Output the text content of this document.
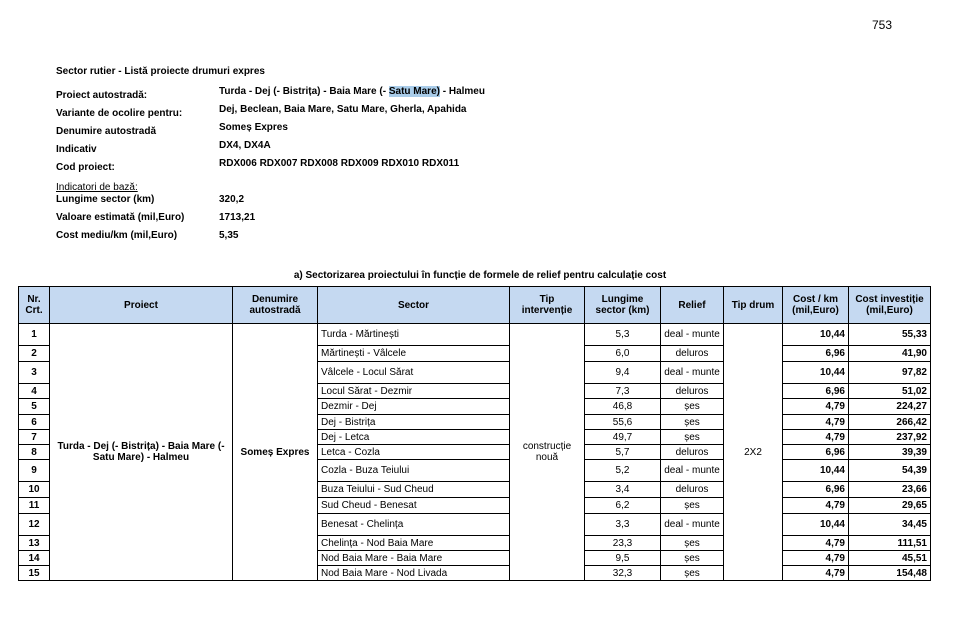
753
Sector rutier - Listă proiecte drumuri expres
Proiect autostradă:	Turda - Dej (- Bistrița) - Baia Mare (- Satu Mare) - Halmeu
Variante de ocolire pentru:	Dej, Beclean, Baia Mare, Satu Mare, Gherla, Apahida
Denumire autostradă	Someș Expres
Indicativ	DX4, DX4A
Cod proiect:	RDX006 RDX007 RDX008 RDX009 RDX010 RDX011
Indicatori de bază:
Lungime sector (km)	320,2
Valoare estimată (mil,Euro)	1713,21
Cost mediu/km (mil,Euro)	5,35
a) Sectorizarea proiectului în funcție de formele de relief pentru calculație cost
Nr. Crt.	Proiect	Denumire autostradă	Sector	Tip intervenție	Lungime sector (km)	Relief	Tip drum	Cost / km (mil,Euro)	Cost investiție (mil,Euro)
1	Turda - Dej (- Bistrița) - Baia Mare (- Satu Mare) - Halmeu	Someș Expres	Turda - Mărtinești	construcție nouă	5,3	deal - munte	2X2	10,44	55,33
2			Mărtinești - Vâlcele		6,0	deluros		6,96	41,90
3			Vâlcele - Locul Sărat		9,4	deal - munte		10,44	97,82
4			Locul Sărat - Dezmir		7,3	deluros		6,96	51,02
5			Dezmir - Dej		46,8	șes		4,79	224,27
6			Dej - Bistrița		55,6	șes		4,79	266,42
7			Dej - Letca		49,7	șes		4,79	237,92
8			Letca - Cozla		5,7	deluros		6,96	39,39
9			Cozla - Buza Teiului		5,2	deal - munte		10,44	54,39
10			Buza Teiului - Sud Cheud		3,4	deluros		6,96	23,66
11			Sud Cheud - Benesat		6,2	șes		4,79	29,65
12			Benesat - Chelința		3,3	deal - munte		10,44	34,45
13			Chelința - Nod Baia Mare		23,3	șes		4,79	111,51
14			Nod Baia Mare - Baia Mare		9,5	șes		4,79	45,51
15			Nod Baia Mare - Nod Livada		32,3	șes		4,79	154,48
